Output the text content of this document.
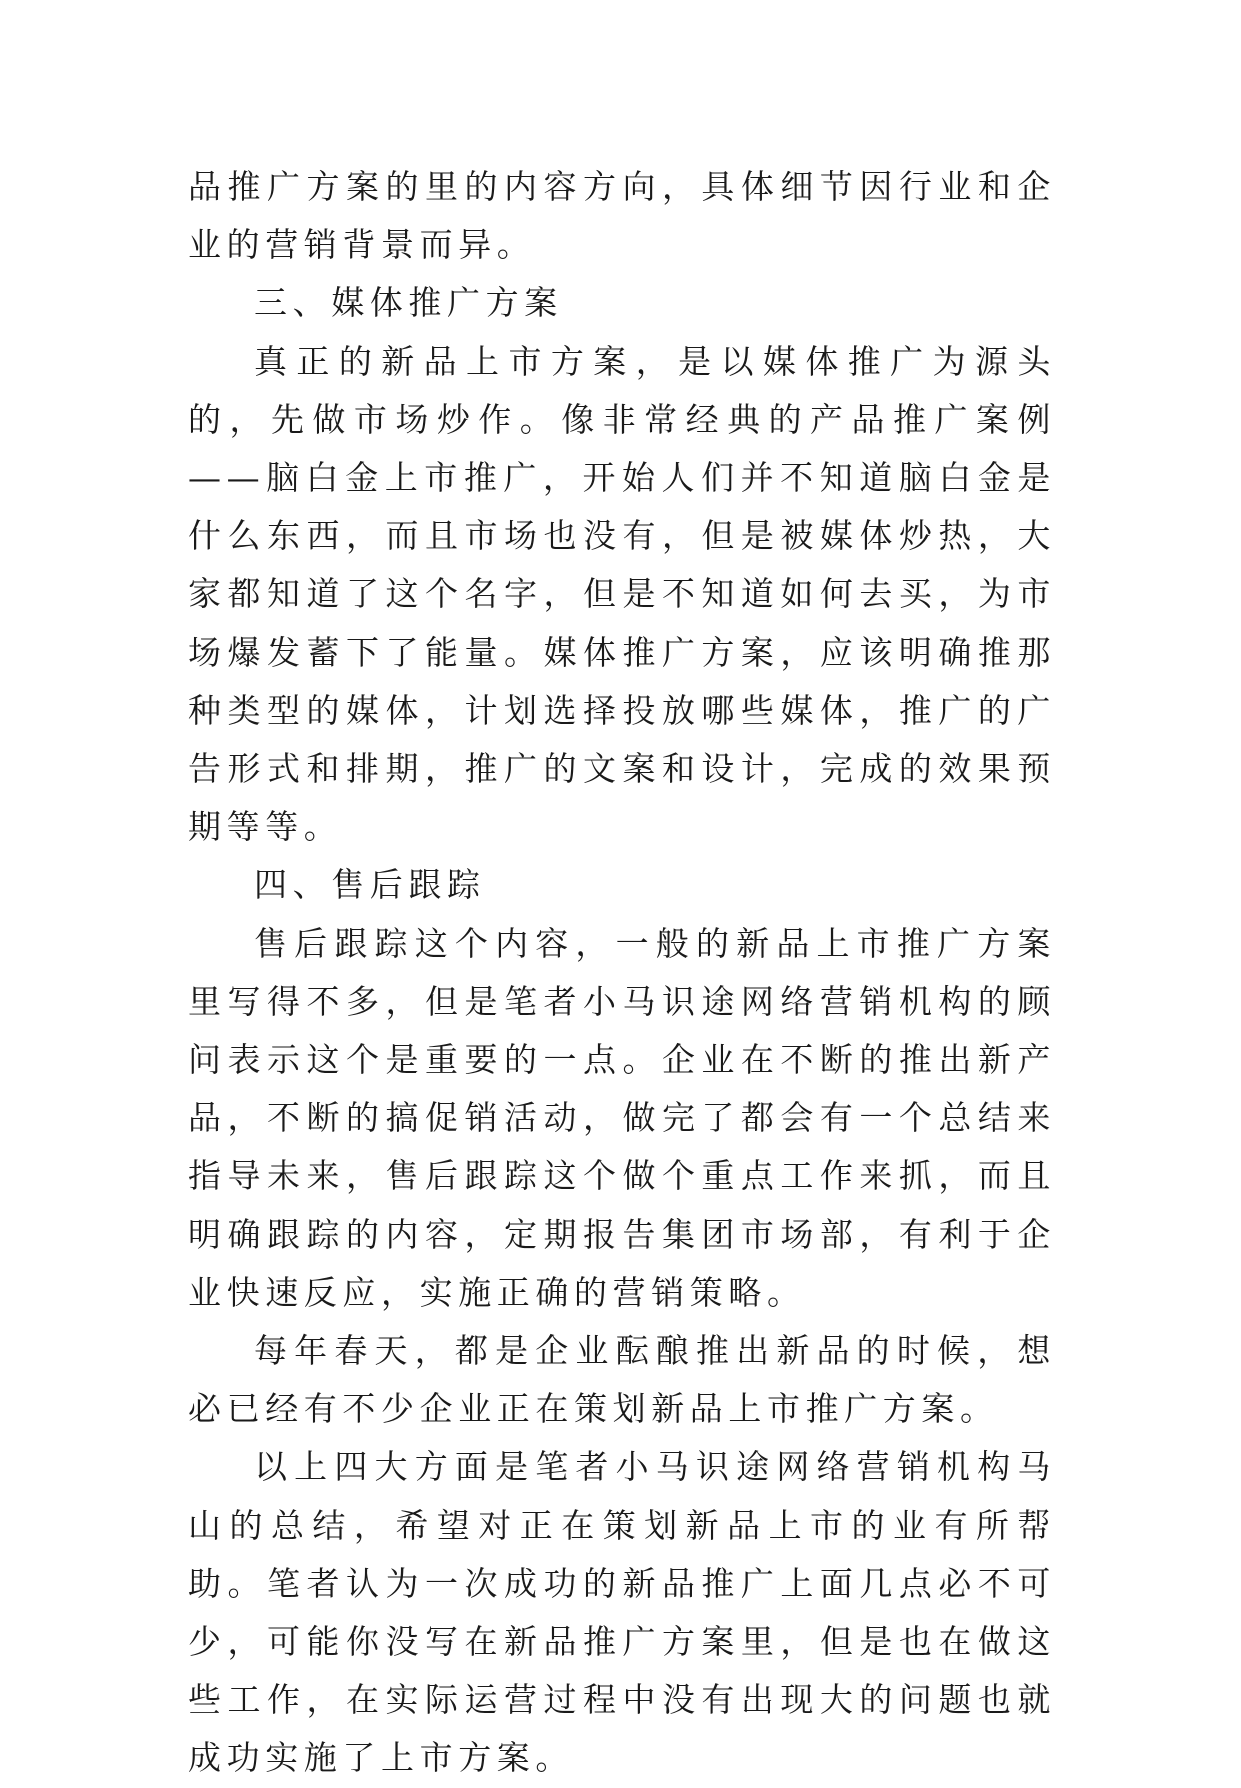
品推广方案的里的内容方向，具体细节因行业和企业的营销背景而异。

三、媒体推广方案

真正的新品上市方案，是以媒体推广为源头的，先做市场炒作。像非常经典的产品推广案例——脑白金上市推广，开始人们并不知道脑白金是什么东西，而且市场也没有，但是被媒体炒热，大家都知道了这个名字，但是不知道如何去买，为市场爆发蓄下了能量。媒体推广方案，应该明确推那种类型的媒体，计划选择投放哪些媒体，推广的广告形式和排期，推广的文案和设计，完成的效果预期等等。

四、售后跟踪

售后跟踪这个内容，一般的新品上市推广方案里写得不多，但是笔者小马识途网络营销机构的顾问表示这个是重要的一点。企业在不断的推出新产品，不断的搞促销活动，做完了都会有一个总结来指导未来，售后跟踪这个做个重点工作来抓，而且明确跟踪的内容，定期报告集团市场部，有利于企业快速反应，实施正确的营销策略。

每年春天，都是企业酝酿推出新品的时候，想必已经有不少企业正在策划新品上市推广方案。

以上四大方面是笔者小马识途网络营销机构马山的总结，希望对正在策划新品上市的业有所帮助。笔者认为一次成功的新品推广上面几点必不可少，可能你没写在新品推广方案里，但是也在做这些工作，在实际运营过程中没有出现大的问题也就成功实施了上市方案。
